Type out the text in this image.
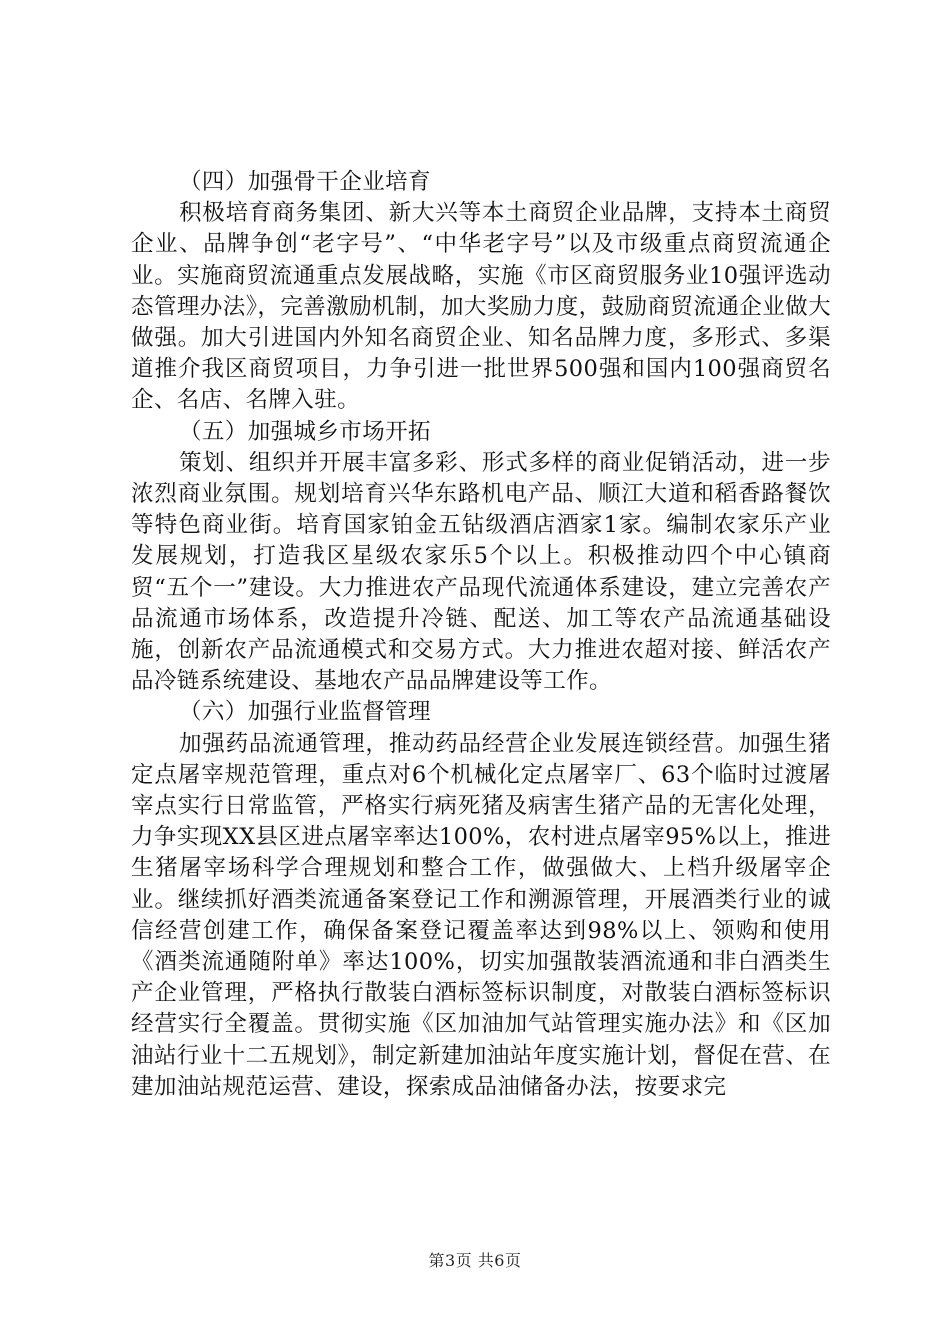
（四）加强骨干企业培育

积极培育商务集团、新大兴等本土商贸企业品牌，支持本土商贸企业、品牌争创“老字号”、“中华老字号”以及市级重点商贸流通企业。实施商贸流通重点发展战略，实施《市区商贸服务业10强评选动态管理办法》，完善激励机制，加大奖励力度，鼓励商贸流通企业做大做强。加大引进国内外知名商贸企业、知名品牌力度，多形式、多渠道推介我区商贸项目，力争引进一批世界500强和国内100强商贸名企、名店、名牌入驻。

（五）加强城乡市场开拓

策划、组织并开展丰富多彩、形式多样的商业促销活动，进一步浓烈商业氛围。规划培育兴华东路机电产品、顺江大道和稻香路餐饮等特色商业街。培育国家铂金五钻级酒店酒家1家。编制农家乐产业发展规划，打造我区星级农家乐5个以上。积极推动四个中心镇商贸“五个一”建设。大力推进农产品现代流通体系建设，建立完善农产品流通市场体系，改造提升冷链、配送、加工等农产品流通基础设施，创新农产品流通模式和交易方式。大力推进农超对接、鲜活农产品冷链系统建设、基地农产品品牌建设等工作。

（六）加强行业监督管理

加强药品流通管理，推动药品经营企业发展连锁经营。加强生猪定点屠宰规范管理，重点对6个机械化定点屠宰厂、63个临时过渡屠宰点实行日常监管，严格实行病死猪及病害生猪产品的无害化处理，力争实现XX县区进点屠宰率达100%，农村进点屠宰95%以上，推进生猪屠宰场科学合理规划和整合工作，做强做大、上档升级屠宰企业。继续抓好酒类流通备案登记工作和溯源管理，开展酒类行业的诚信经营创建工作，确保备案登记覆盖率达到98%以上、领购和使用《酒类流通随附单》率达100%，切实加强散装酒流通和非白酒类生产企业管理，严格执行散装白酒标签标识制度，对散装白酒标签标识经营实行全覆盖。贯彻实施《区加油加气站管理实施办法》和《区加油站行业十二五规划》，制定新建加油站年度实施计划，督促在营、在建加油站规范运营、建设，探索成品油储备办法，按要求完

第3页 共6页
